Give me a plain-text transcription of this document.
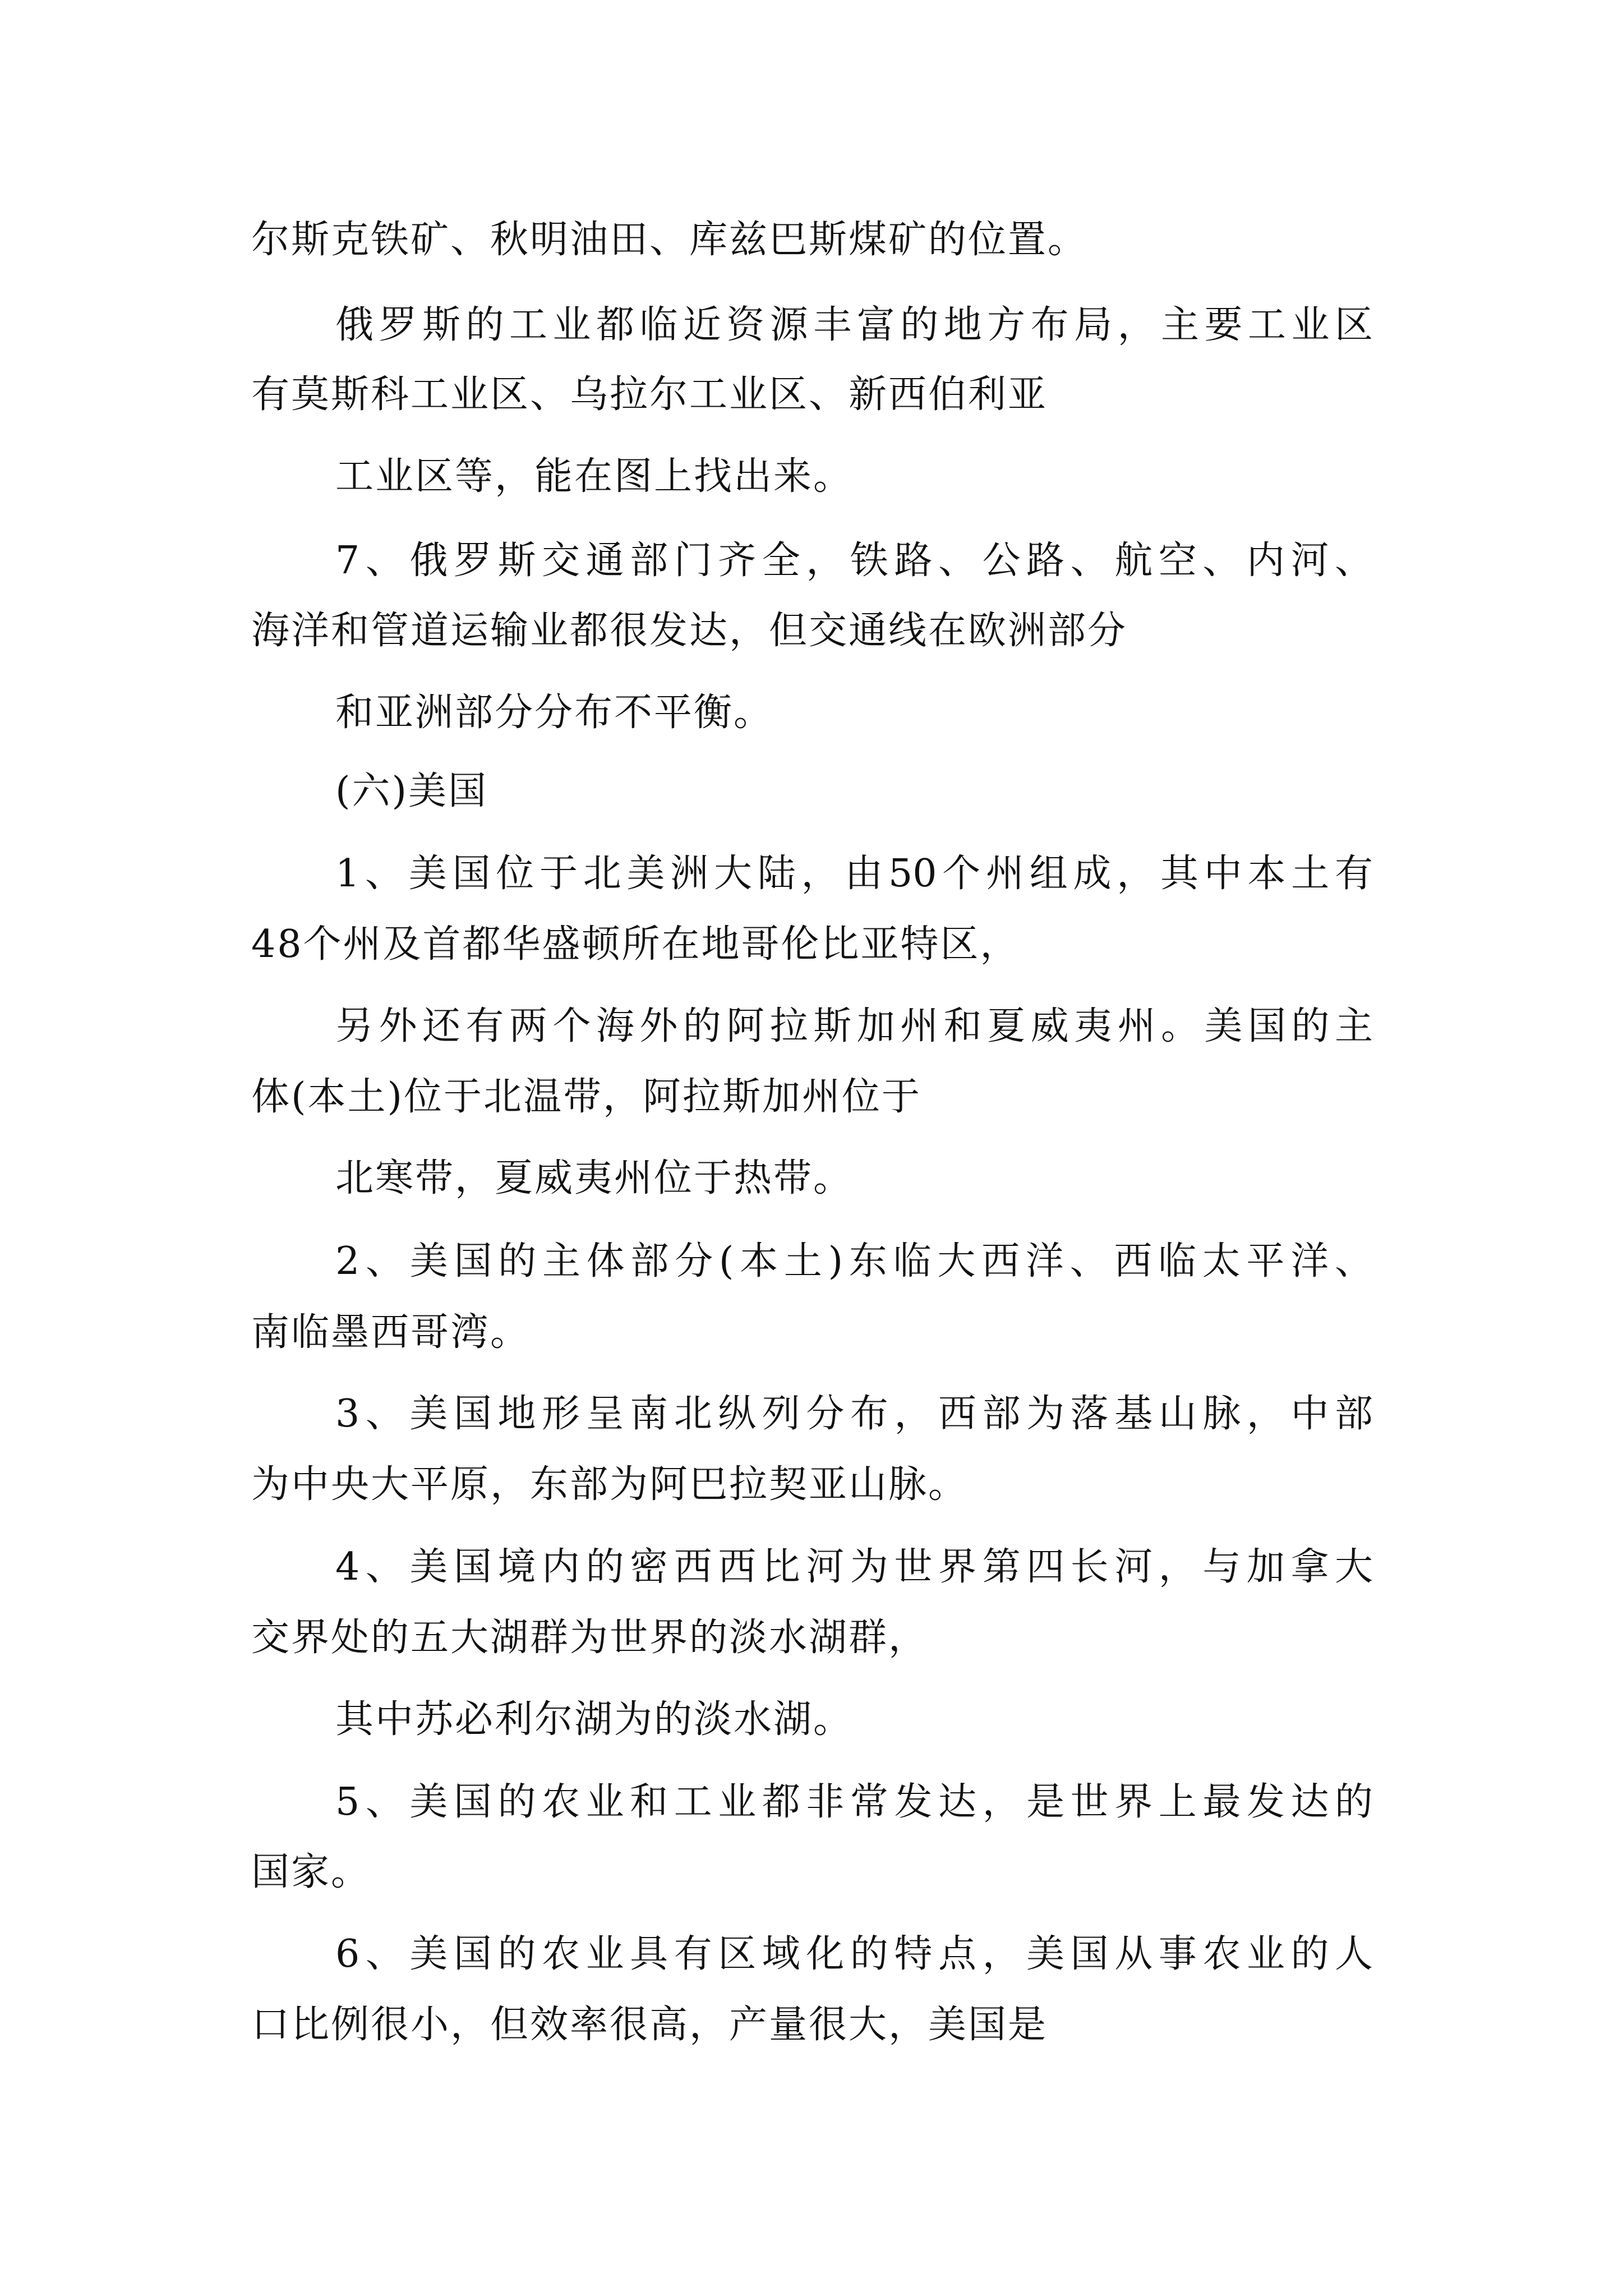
尔斯克铁矿、秋明油田、库兹巴斯煤矿的位置。

俄罗斯的工业都临近资源丰富的地方布局，主要工业区

有莫斯科工业区、乌拉尔工业区、新西伯利亚

工业区等，能在图上找出来。

7、俄罗斯交通部门齐全，铁路、公路、航空、内河、

海洋和管道运输业都很发达，但交通线在欧洲部分

和亚洲部分分布不平衡。

(六)美国

1、美国位于北美洲大陆，由50个州组成，其中本土有

48个州及首都华盛顿所在地哥伦比亚特区，

另外还有两个海外的阿拉斯加州和夏威夷州。美国的主

体(本土)位于北温带，阿拉斯加州位于

北寒带，夏威夷州位于热带。

2、美国的主体部分(本土)东临大西洋、西临太平洋、

南临墨西哥湾。

3、美国地形呈南北纵列分布，西部为落基山脉，中部

为中央大平原，东部为阿巴拉契亚山脉。

4、美国境内的密西西比河为世界第四长河，与加拿大

交界处的五大湖群为世界的淡水湖群，

其中苏必利尔湖为的淡水湖。

5、美国的农业和工业都非常发达，是世界上最发达的

国家。

6、美国的农业具有区域化的特点，美国从事农业的人

口比例很小，但效率很高，产量很大，美国是
